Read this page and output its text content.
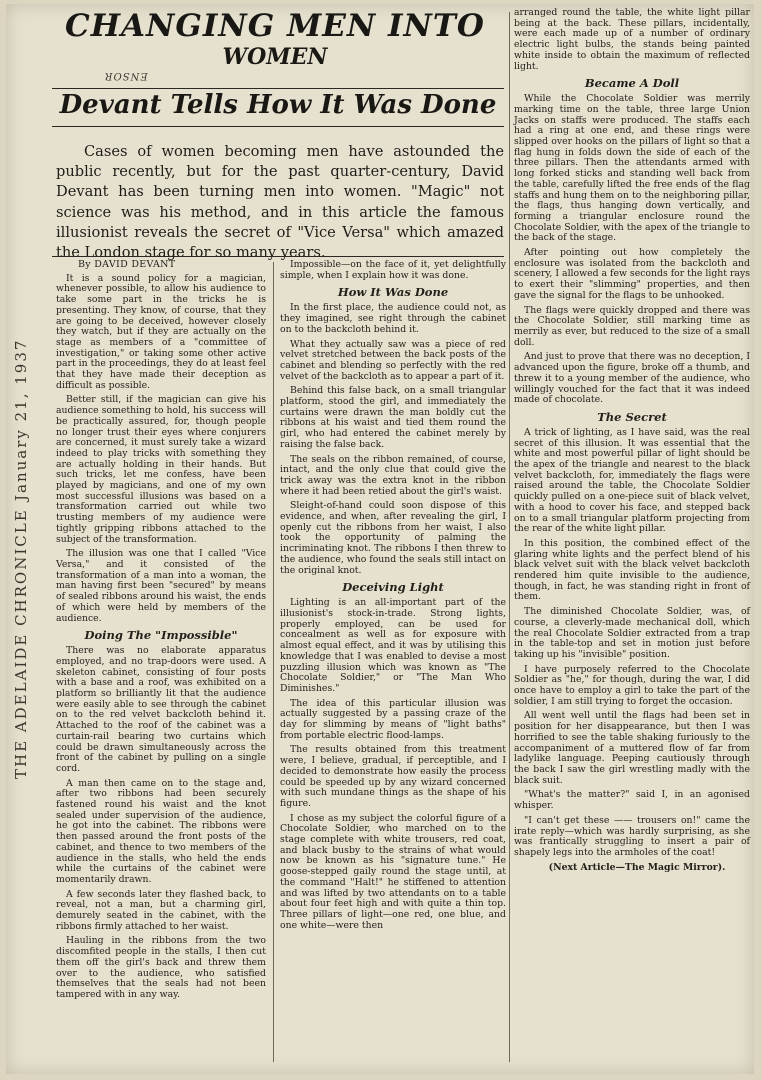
THE ADELAIDE CHRONICLE January 21, 1937
CHANGING MEN INTO
WOMEN
ENSOR
Devant Tells How It Was Done
Cases of women becoming men have astounded the public recently, but for the past quarter-century, David Devant has been turning men into women. "Magic" not science was his method, and in this article the famous illusionist reveals the secret of "Vice Versa" which amazed the London stage for so many years.

By DAVID DEVANT

It is a sound policy for a magician, whenever possible, to allow his audience to take some part in the tricks he is presenting. They know, of course, that they are going to be deceived, however closely they watch, but if they are actually on the stage as members of a "committee of investigation," or taking some other active part in the proceedings, they do at least feel that they have made their deception as difficult as possible.

Better still, if the magician can give his audience something to hold, his success will be practically assured, for, though people no longer trust their eyes where conjurers are concerned, it must surely take a wizard indeed to play tricks with something they are actually holding in their hands. But such tricks, let me confess, have been played by magicians, and one of my own most successful illusions was based on a transformation carried out while two trusting members of my audience were tightly gripping ribbons attached to the subject of the transformation.

The illusion was one that I called "Vice Versa," and it consisted of the transformation of a man into a woman, the man having first been "secured" by means of sealed ribbons around his waist, the ends of which were held by members of the audience.

Doing The "Impossible"

There was no elaborate apparatus employed, and no trap-doors were used. A skeleton cabinet, consisting of four posts with a base and a roof, was exhibited on a platform so brilliantly lit that the audience were easily able to see through the cabinet on to the red velvet backcloth behind it. Attached to the roof of the cabinet was a curtain-rail bearing two curtains which could be drawn simultaneously across the front of the cabinet by pulling on a single cord.

A man then came on to the stage and, after two ribbons had been securely fastened round his waist and the knot sealed under supervision of the audience, he got into the cabinet. The ribbons were then passed around the front posts of the cabinet, and thence to two members of the audience in the stalls, who held the ends while the curtains of the cabinet were momentarily drawn.

A few seconds later they flashed back, to reveal, not a man, but a charming girl, demurely seated in the cabinet, with the ribbons firmly attached to her waist.

Hauling in the ribbons from the two discomfited people in the stalls, I then cut them off the girl's back and threw them over to the audience, who satisfied themselves that the seals had not been tampered with in any way.

Impossible—on the face of it, yet delightfully simple, when I explain how it was done.

How It Was Done

In the first place, the audience could not, as they imagined, see right through the cabinet on to the backcloth behind it.

What they actually saw was a piece of red velvet stretched between the back posts of the cabinet and blending so perfectly with the red velvet of the backcloth as to appear a part of it.

Behind this false back, on a small triangular platform, stood the girl, and immediately the curtains were drawn the man boldly cut the ribbons at his waist and tied them round the girl, who had entered the cabinet merely by raising the false back.

The seals on the ribbon remained, of course, intact, and the only clue that could give the trick away was the extra knot in the ribbon where it had been retied about the girl's waist.

Sleight-of-hand could soon dispose of this evidence, and when, after revealing the girl, I openly cut the ribbons from her waist, I also took the opportunity of palming the incriminating knot. The ribbons I then threw to the audience, who found the seals still intact on the original knot.

Deceiving Light

Lighting is an all-important part of the illusionist's stock-in-trade. Strong lights, properly employed, can be used for concealment as well as for exposure with almost equal effect, and it was by utilising this knowledge that I was enabled to devise a most puzzling illusion which was known as "The Chocolate Soldier," or "The Man Who Diminishes."

The idea of this particular illusion was actually suggested by a passing craze of the day for slimming by means of "light baths" from portable electric flood-lamps.

The results obtained from this treatment were, I believe, gradual, if perceptible, and I decided to demonstrate how easily the process could be speeded up by any wizard concerned with such mundane things as the shape of his figure.

I chose as my subject the colorful figure of a Chocolate Soldier, who marched on to the stage complete with white trousers, red coat, and black busby to the strains of what would now be known as his "signature tune." He goose-stepped gaily round the stage until, at the command "Halt!" he stiffened to attention and was lifted by two attendants on to a table about four feet high and with quite a thin top. Three pillars of light—one red, one blue, and one white—were then

arranged round the table, the white light pillar being at the back. These pillars, incidentally, were each made up of a number of ordinary electric light bulbs, the stands being painted white inside to obtain the maximum of reflected light.

Became A Doll

While the Chocolate Soldier was merrily marking time on the table, three large Union Jacks on staffs were produced. The staffs each had a ring at one end, and these rings were slipped over hooks on the pillars of light so that a flag hung in folds down the side of each of the three pillars. Then the attendants armed with long forked sticks and standing well back from the table, carefully lifted the free ends of the flag staffs and hung them on to the neighboring pillar, the flags, thus hanging down vertically, and forming a triangular enclosure round the Chocolate Soldier, with the apex of the triangle to the back of the stage.

After pointing out how completely the enclosure was isolated from the backcloth and scenery, I allowed a few seconds for the light rays to exert their "slimming" properties, and then gave the signal for the flags to be unhooked.

The flags were quickly dropped and there was the Chocolate Soldier, still marking time as merrily as ever, but reduced to the size of a small doll.

And just to prove that there was no deception, I advanced upon the figure, broke off a thumb, and threw it to a young member of the audience, who willingly vouched for the fact that it was indeed made of chocolate.

The Secret

A trick of lighting, as I have said, was the real secret of this illusion. It was essential that the white and most powerful pillar of light should be the apex of the triangle and nearest to the black velvet backcloth, for, immediately the flags were raised around the table, the Chocolate Soldier quickly pulled on a one-piece suit of black velvet, with a hood to cover his face, and stepped back on to a small triangular platform projecting from the rear of the white light pillar.

In this position, the combined effect of the glaring white lights and the perfect blend of his black velvet suit with the black velvet backcloth rendered him quite invisible to the audience, though, in fact, he was standing right in front of them.

The diminished Chocolate Soldier, was, of course, a cleverly-made mechanical doll, which the real Chocolate Soldier extracted from a trap in the table-top and set in motion just before taking up his "invisible" position.

I have purposely referred to the Chocolate Soldier as "he," for though, during the war, I did once have to employ a girl to take the part of the soldier, I am still trying to forget the occasion.

All went well until the flags had been set in position for her disappearance, but then I was horrified to see the table shaking furiously to the accompaniment of a muttered flow of far from ladylike language. Peeping cautiously through the back I saw the girl wrestling madly with the black suit.

"What's the matter?" said I, in an agonised whisper.

"I can't get these —— trousers on!" came the irate reply—which was hardly surprising, as she was frantically struggling to insert a pair of shapely legs into the armholes of the coat!

(Next Article—The Magic Mirror).
